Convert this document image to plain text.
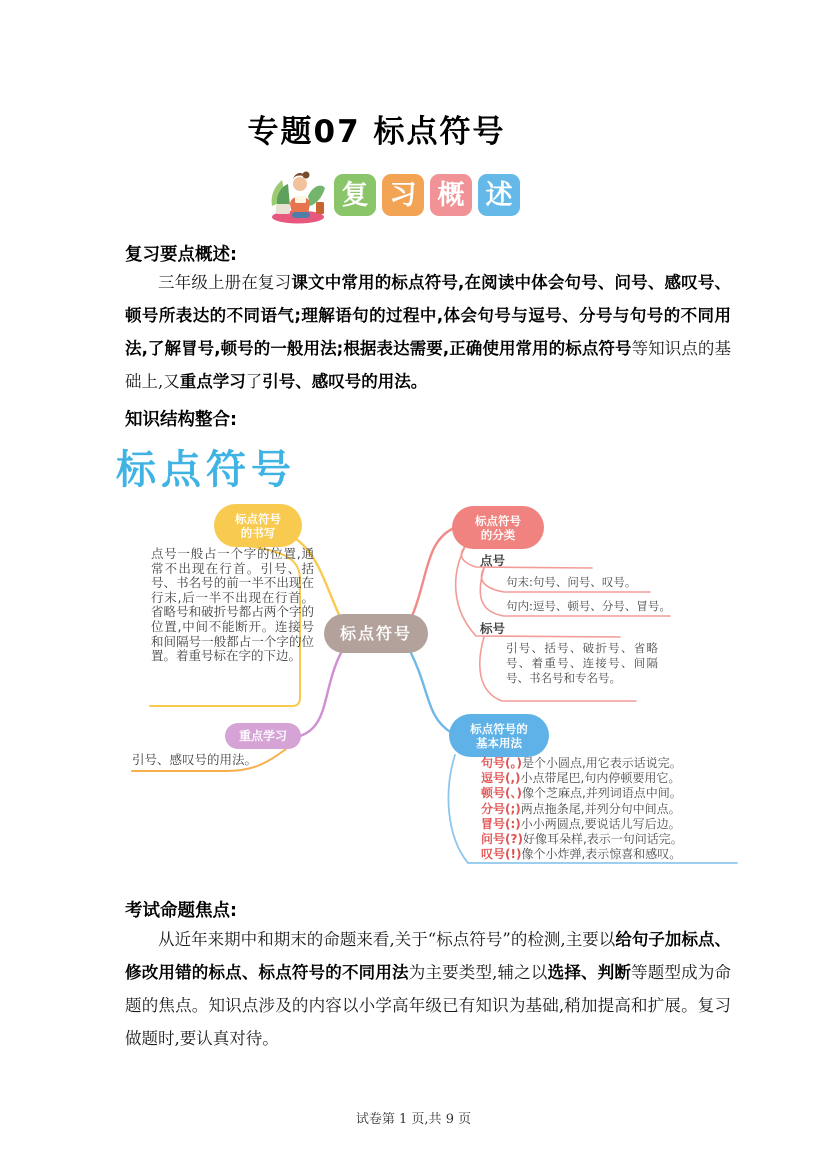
专题07 标点符号
复 习 概 述
复习要点概述:

三年级上册在复习课文中常用的标点符号,在阅读中体会句号、问号、感叹号、顿号所表达的不同语气;理解语句的过程中,体会句号与逗号、分号与句号的不同用法,了解冒号,顿号的一般用法;根据表达需要,正确使用常用的标点符号等知识点的基础上,又重点学习了引号、感叹号的用法。

知识结构整合:
标点符号
标点符号
的书写
标点符号
的分类
标点符号
重点学习
标点符号的
基本用法
点号一般占一个字的位置,通常不出现在行首。引号、括号、书名号的前一半不出现在行末,后一半不出现在行首。省略号和破折号都占两个字的位置,中间不能断开。连接号和间隔号一般都占一个字的位置。着重号标在字的下边。
引号、感叹号的用法。
点号
句末:句号、问号、叹号。
句内:逗号、顿号、分号、冒号。
标号
引号、括号、破折号、省略号、着重号、连接号、间隔号、书名号和专名号。
句号(。)是个小圆点,用它表示话说完。
逗号(,)小点带尾巴,句内停顿要用它。
顿号(、)像个芝麻点,并列词语点中间。
分号(;)两点拖条尾,并列分句中间点。
冒号(:)小小两圆点,要说话儿写后边。
问号(?)好像耳朵样,表示一句问话完。
叹号(!)像个小炸弹,表示惊喜和感叹。
考试命题焦点:

从近年来期中和期末的命题来看,关于“标点符号”的检测,主要以给句子加标点、修改用错的标点、标点符号的不同用法为主要类型,辅之以选择、判断等题型成为命题的焦点。知识点涉及的内容以小学高年级已有知识为基础,稍加提高和扩展。复习做题时,要认真对待。

试卷第 1 页,共 9 页
